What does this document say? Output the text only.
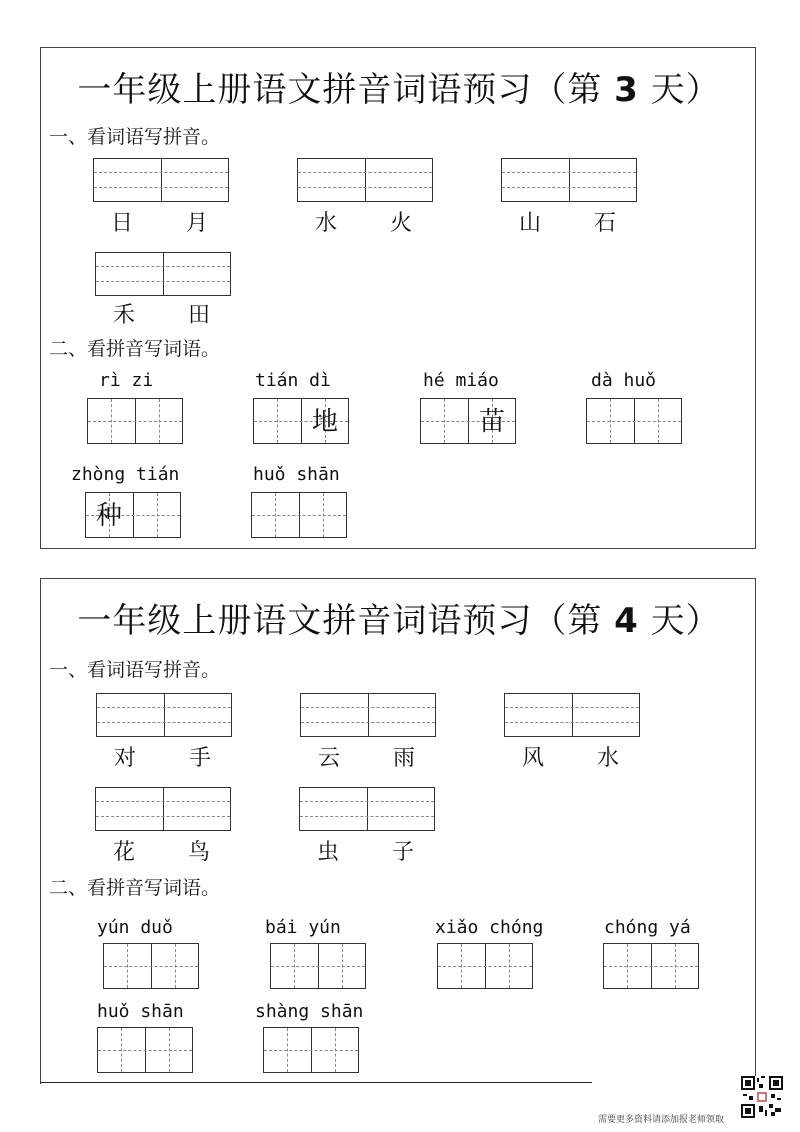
一年级上册语文拼音词语预习（第 3 天）
一、看词语写拼音。
日	月	水	火	山	石
禾	田
二、看拼音写词语。
rì zi	tián dì	hé miáo	dà huǒ
地	苗
zhòng tián	huǒ shān
种
一年级上册语文拼音词语预习（第 4 天）
一、看词语写拼音。
对	手	云	雨	风	水
花	鸟	虫	子
二、看拼音写词语。
yún duǒ	bái yún	xiǎo chóng	chóng yá
huǒ shān	shàng shān
需要更多资料请添加报老师领取
